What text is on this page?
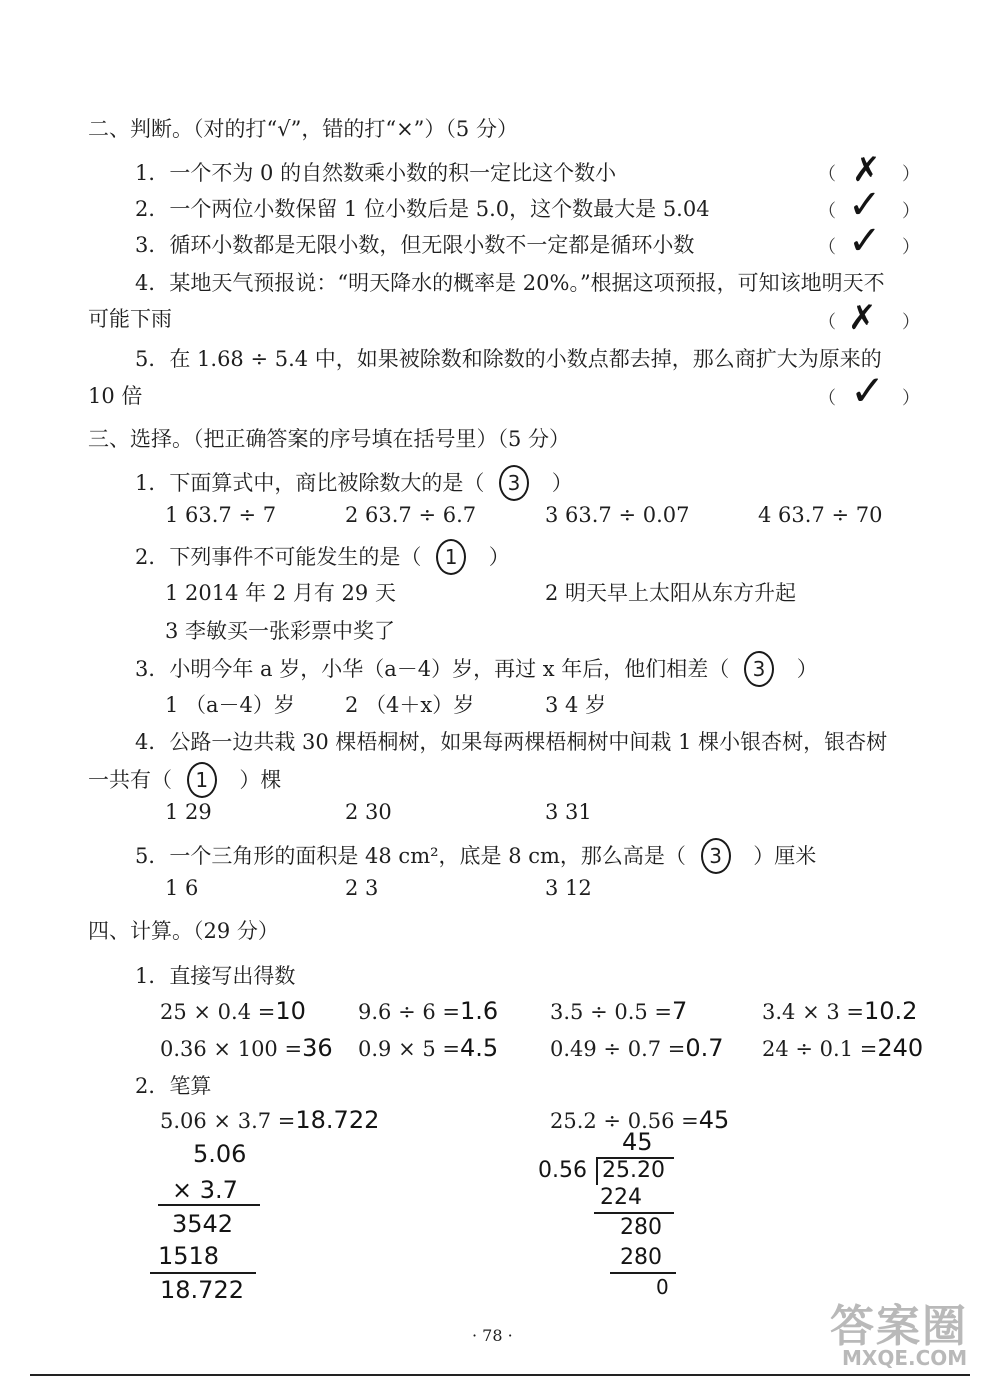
二、判断。（对的打“√”，错的打“×”）（5 分）
1．一个不为 0 的自然数乘小数的积一定比这个数小	（ ✗ ）
2．一个两位小数保留 1 位小数后是 5.0，这个数最大是 5.04	（ ✓ ）
3．循环小数都是无限小数，但无限小数不一定都是循环小数	（ ✓ ）
4．某地天气预报说：“明天降水的概率是 20%。”根据这项预报，可知该地明天不
可能下雨	（ ✗ ）
5．在 1.68 ÷ 5.4 中，如果被除数和除数的小数点都去掉，那么商扩大为原来的
10 倍	（ ✓ ）
三、选择。（把正确答案的序号填在括号里）（5 分）
1．下面算式中，商比被除数大的是（ 3 ）
1 63.7 ÷ 7	2 63.7 ÷ 6.7	3 63.7 ÷ 0.07	4 63.7 ÷ 70
2．下列事件不可能发生的是（ 1 ）
1 2014 年 2 月有 29 天	2 明天早上太阳从东方升起
3 李敏买一张彩票中奖了
3．小明今年 a 岁，小华（a－4）岁，再过 x 年后，他们相差（ 3 ）
1 （a－4）岁 2 （4＋x）岁	3 4 岁
4．公路一边共栽 30 棵梧桐树，如果每两棵梧桐树中间栽 1 棵小银杏树，银杏树
一共有（ 1 ）棵
1 29	2 30	3 31
5．一个三角形的面积是 48 cm²，底是 8 cm，那么高是（ 3 ）厘米
1 6	2 3	3 12
四、计算。（29 分）
1．直接写出得数
25 × 0.4 =10 9.6 ÷ 6 =1.6 3.5 ÷ 0.5 =7	3.4 × 3 =10.2
0.36 × 100 =36 0.9 × 5 =4.5 0.49 ÷ 0.7 =0.7 24 ÷ 0.1 =240
2．笔算
5.06 × 3.7 =18.722
5.06
× 3.7
3542
1518
18.722
25.2 ÷ 0.56 =45
45
0.56 25.20
224
280
280
0
· 78 ·	答案圈
MXQE.COM
